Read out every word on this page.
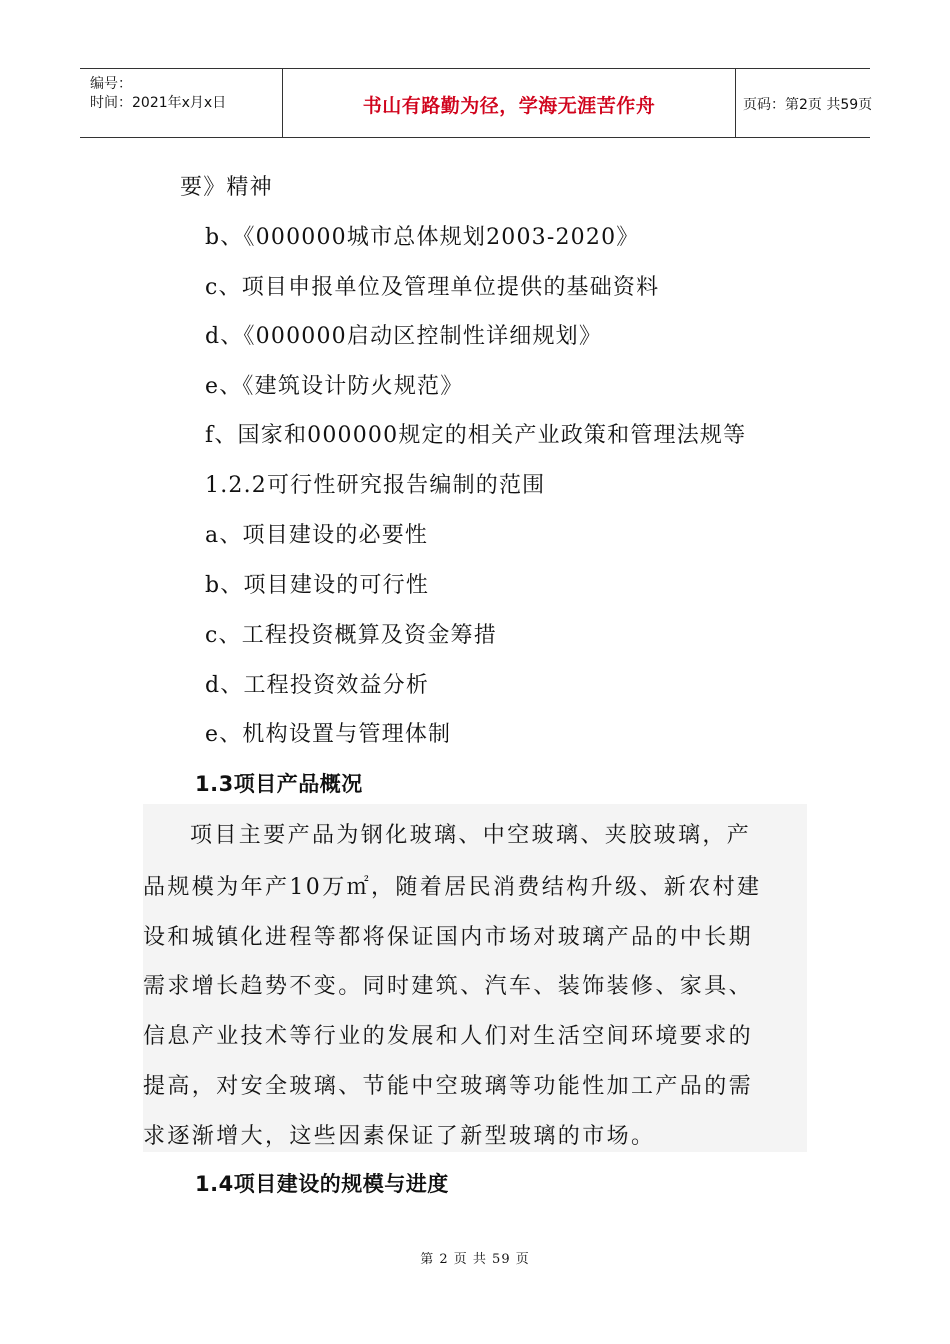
编号：
时间：2021年x月x日	书山有路勤为径，学海无涯苦作舟	页码：第2页 共59页
要》精神
b、《000000城市总体规划2003-2020》
c、项目申报单位及管理单位提供的基础资料
d、《000000启动区控制性详细规划》
e、《建筑设计防火规范》
f、国家和000000规定的相关产业政策和管理法规等
1.2.2可行性研究报告编制的范围
a、项目建设的必要性
b、项目建设的可行性
c、工程投资概算及资金筹措
d、工程投资效益分析
e、机构设置与管理体制
1.3项目产品概况
项目主要产品为钢化玻璃、中空玻璃、夹胶玻璃，产
品规模为年产10万㎡，随着居民消费结构升级、新农村建
设和城镇化进程等都将保证国内市场对玻璃产品的中长期
需求增长趋势不变。同时建筑、汽车、装饰装修、家具、
信息产业技术等行业的发展和人们对生活空间环境要求的
提高，对安全玻璃、节能中空玻璃等功能性加工产品的需
求逐渐增大，这些因素保证了新型玻璃的市场。
1.4项目建设的规模与进度
第 2 页 共 59 页
